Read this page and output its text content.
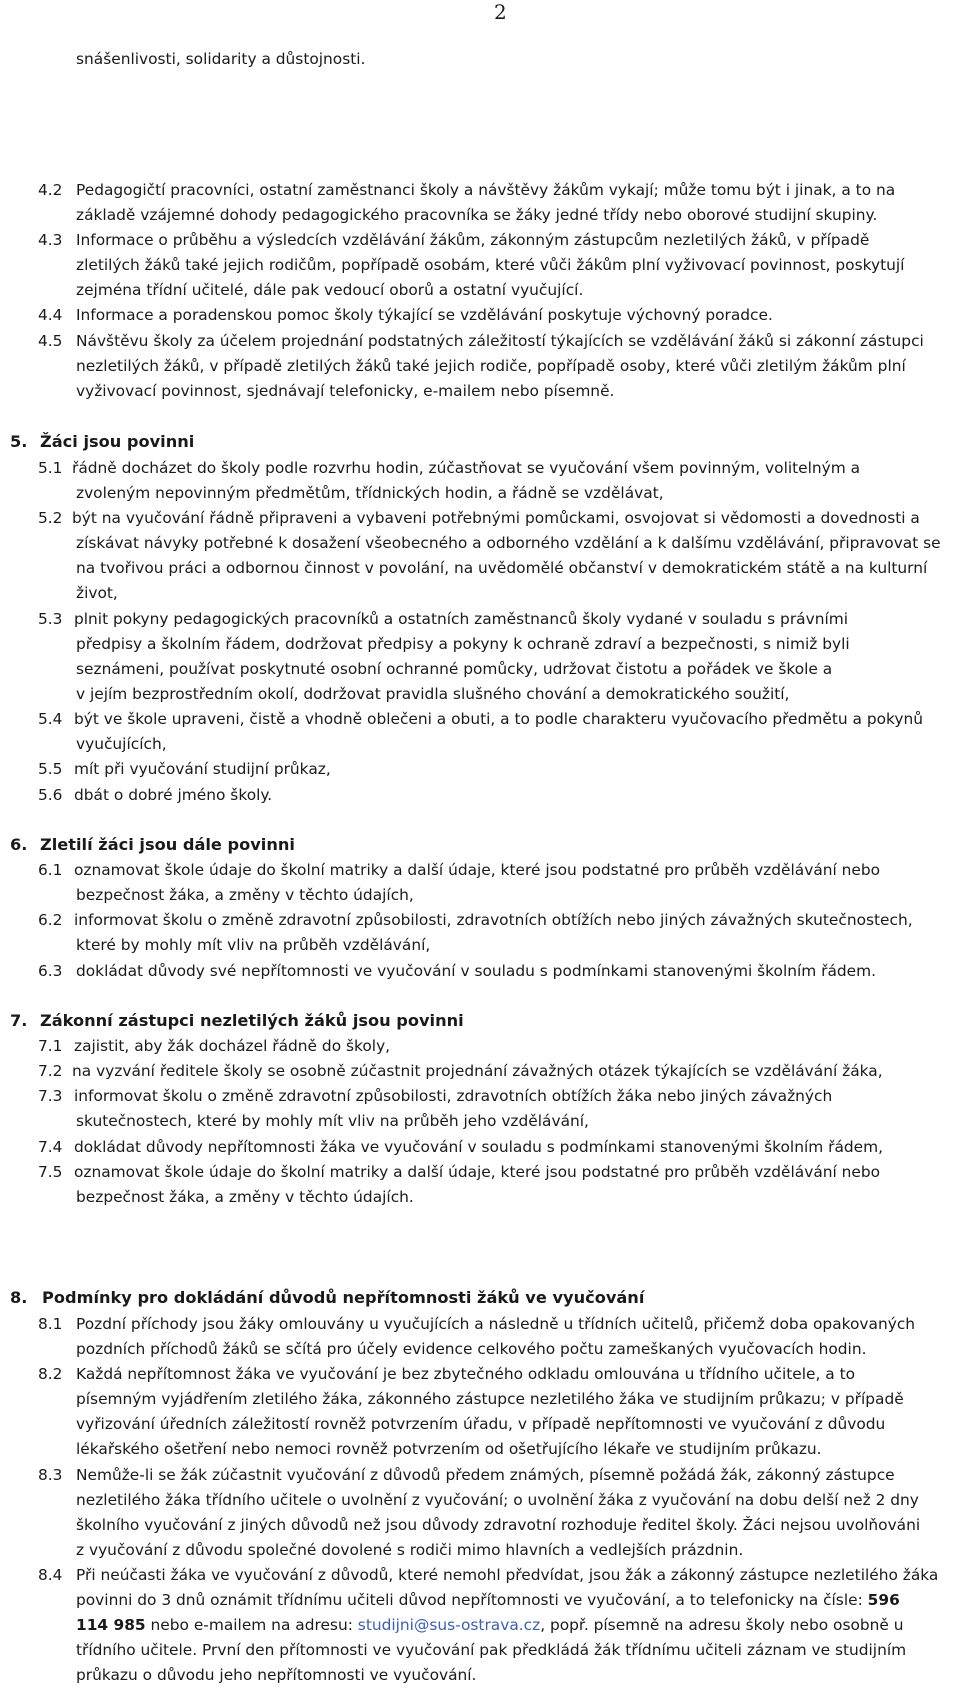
2
snášenlivosti, solidarity a důstojnosti.
4.2 Pedagogičtí pracovníci, ostatní zaměstnanci školy a návštěvy žákům vykají; může tomu být i jinak, a to na
základě vzájemné dohody pedagogického pracovníka se žáky jedné třídy nebo oborové studijní skupiny.
4.3 Informace o průběhu a výsledcích vzdělávání žákům, zákonným zástupcům nezletilých žáků, v případě
zletilých žáků také jejich rodičům, popřípadě osobám, které vůči žákům plní vyživovací povinnost, poskytují
zejména třídní učitelé, dále pak vedoucí oborů a ostatní vyučující.
4.4 Informace a poradenskou pomoc školy týkající se vzdělávání poskytuje výchovný poradce.
4.5 Návštěvu školy za účelem projednání podstatných záležitostí týkajících se vzdělávání žáků si zákonní zástupci
nezletilých žáků, v případě zletilých žáků také jejich rodiče, popřípadě osoby, které vůči zletilým žákům plní
vyživovací povinnost, sjednávají telefonicky, e-mailem nebo písemně.
5. Žáci jsou povinni
5.1 řádně docházet do školy podle rozvrhu hodin, zúčastňovat se vyučování všem povinným, volitelným a
zvoleným nepovinným předmětům, třídnických hodin, a řádně se vzdělávat,
5.2 být na vyučování řádně připraveni a vybaveni potřebnými pomůckami, osvojovat si vědomosti a dovednosti a
získávat návyky potřebné k dosažení všeobecného a odborného vzdělání a k dalšímu vzdělávání, připravovat se
na tvořivou práci a odbornou činnost v povolání, na uvědomělé občanství v demokratickém státě a na kulturní
život,
5.3 plnit pokyny pedagogických pracovníků a ostatních zaměstnanců školy vydané v souladu s právními
předpisy a školním řádem, dodržovat předpisy a pokyny k ochraně zdraví a bezpečnosti, s nimiž byli
seznámeni, používat poskytnuté osobní ochranné pomůcky, udržovat čistotu a pořádek ve škole a
v jejím bezprostředním okolí, dodržovat pravidla slušného chování a demokratického soužití,
5.4 být ve škole upraveni, čistě a vhodně oblečeni a obuti, a to podle charakteru vyučovacího předmětu a pokynů
vyučujících,
5.5 mít při vyučování studijní průkaz,
5.6 dbát o dobré jméno školy.
6. Zletilí žáci jsou dále povinni
6.1 oznamovat škole údaje do školní matriky a další údaje, které jsou podstatné pro průběh vzdělávání nebo
bezpečnost žáka, a změny v těchto údajích,
6.2 informovat školu o změně zdravotní způsobilosti, zdravotních obtížích nebo jiných závažných skutečnostech,
které by mohly mít vliv na průběh vzdělávání,
6.3 dokládat důvody své nepřítomnosti ve vyučování v souladu s podmínkami stanovenými školním řádem.
7. Zákonní zástupci nezletilých žáků jsou povinni
7.1 zajistit, aby žák docházel řádně do školy,
7.2 na vyzvání ředitele školy se osobně zúčastnit projednání závažných otázek týkajících se vzdělávání žáka,
7.3 informovat školu o změně zdravotní způsobilosti, zdravotních obtížích žáka nebo jiných závažných
skutečnostech, které by mohly mít vliv na průběh jeho vzdělávání,
7.4 dokládat důvody nepřítomnosti žáka ve vyučování v souladu s podmínkami stanovenými školním řádem,
7.5 oznamovat škole údaje do školní matriky a další údaje, které jsou podstatné pro průběh vzdělávání nebo
bezpečnost žáka, a změny v těchto údajích.
8. Podmínky pro dokládání důvodů nepřítomnosti žáků ve vyučování
8.1 Pozdní příchody jsou žáky omlouvány u vyučujících a následně u třídních učitelů, přičemž doba opakovaných
pozdních příchodů žáků se sčítá pro účely evidence celkového počtu zameškaných vyučovacích hodin.
8.2 Každá nepřítomnost žáka ve vyučování je bez zbytečného odkladu omlouvána u třídního učitele, a to
písemným vyjádřením zletilého žáka, zákonného zástupce nezletilého žáka ve studijním průkazu; v případě
vyřizování úředních záležitostí rovněž potvrzením úřadu, v případě nepřítomnosti ve vyučování z důvodu
lékařského ošetření nebo nemoci rovněž potvrzením od ošetřujícího lékaře ve studijním průkazu.
8.3 Nemůže-li se žák zúčastnit vyučování z důvodů předem známých, písemně požádá žák, zákonný zástupce
nezletilého žáka třídního učitele o uvolnění z vyučování; o uvolnění žáka z vyučování na dobu delší než 2 dny
školního vyučování z jiných důvodů než jsou důvody zdravotní rozhoduje ředitel školy. Žáci nejsou uvolňováni
z vyučování z důvodu společné dovolené s rodiči mimo hlavních a vedlejších prázdnin.
8.4 Při neúčasti žáka ve vyučování z důvodů, které nemohl předvídat, jsou žák a zákonný zástupce nezletilého žáka
povinni do 3 dnů oznámit třídnímu učiteli důvod nepřítomnosti ve vyučování, a to telefonicky na čísle: 596
114 985 nebo e-mailem na adresu: studijni@sus-ostrava.cz, popř. písemně na adresu školy nebo osobně u
třídního učitele. První den přítomnosti ve vyučování pak předkládá žák třídnímu učiteli záznam ve studijním
průkazu o důvodu jeho nepřítomnosti ve vyučování.
